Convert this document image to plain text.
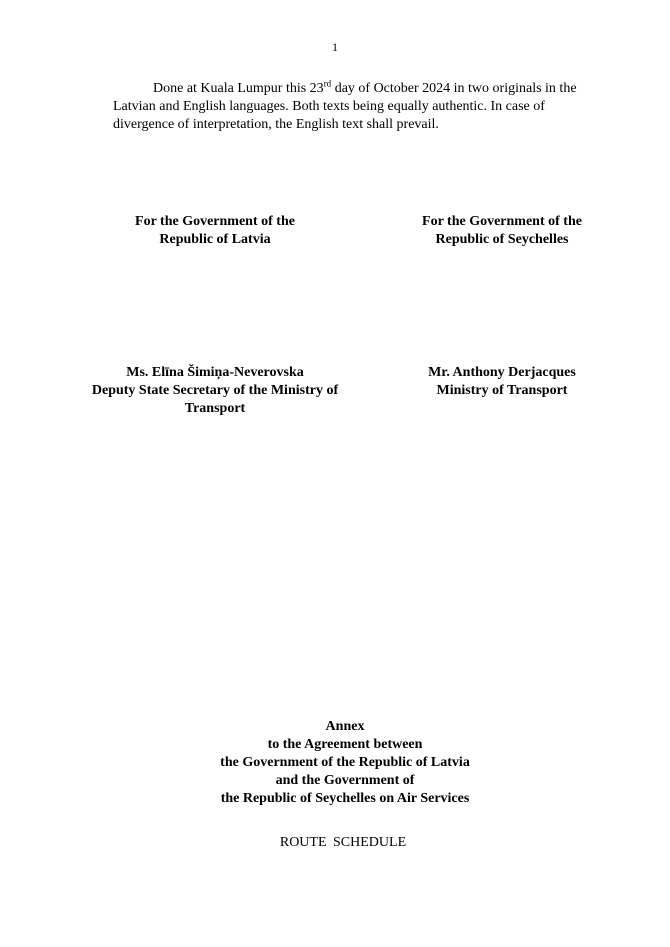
1

Done at Kuala Lumpur this 23rd day of October 2024 in two originals in the Latvian and English languages. Both texts being equally authentic. In case of divergence of interpretation, the English text shall prevail.

For the Government of the
Republic of Latvia
For the Government of the
Republic of Seychelles
Ms. Elīna Šimiņa-Neverovska
Deputy State Secretary of the Ministry of
Transport
Mr. Anthony Derjacques
Ministry of Transport
Annex
to the Agreement between
the Government of the Republic of Latvia
and the Government of
the Republic of Seychelles on Air Services
ROUTE SCHEDULE
